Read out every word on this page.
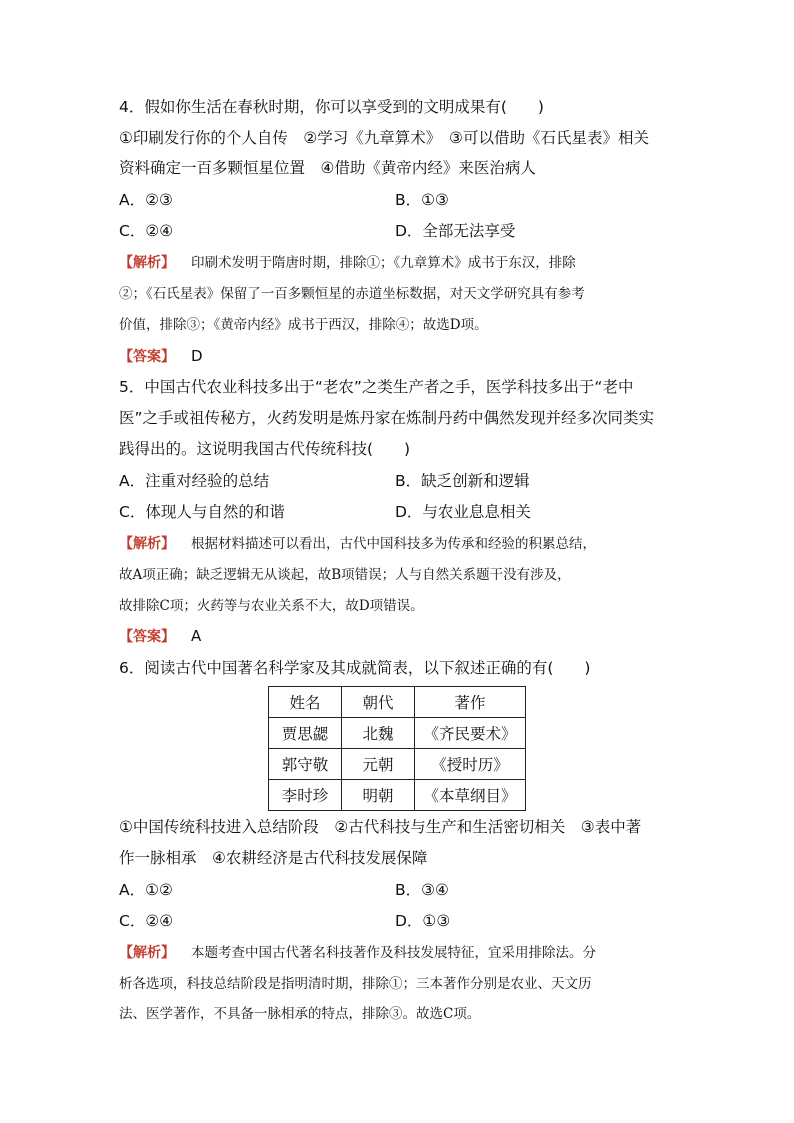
4．假如你生活在春秋时期，你可以享受到的文明成果有(　　)
①印刷发行你的个人自传　②学习《九章算术》　③可以借助《石氏星表》相关
资料确定一百多颗恒星位置　④借助《黄帝内经》来医治病人
A．②③	B．①③
C．②④	D．全部无法享受
【解析】 印刷术发明于隋唐时期，排除①；《九章算术》成书于东汉，排除
②；《石氏星表》保留了一百多颗恒星的赤道坐标数据，对天文学研究具有参考
价值，排除③；《黄帝内经》成书于西汉，排除④；故选D项。
【答案】 D
5．中国古代农业科技多出于“老农”之类生产者之手，医学科技多出于“老中
医”之手或祖传秘方，火药发明是炼丹家在炼制丹药中偶然发现并经多次同类实
践得出的。这说明我国古代传统科技(　　)
A．注重对经验的总结	B．缺乏创新和逻辑
C．体现人与自然的和谐	D．与农业息息相关
【解析】 根据材料描述可以看出，古代中国科技多为传承和经验的积累总结，
故A项正确；缺乏逻辑无从谈起，故B项错误；人与自然关系题干没有涉及，
故排除C项；火药等与农业关系不大，故D项错误。
【答案】 A
6．阅读古代中国著名科学家及其成就简表，以下叙述正确的有(　　)
姓名	朝代	著作
贾思勰	北魏	《齐民要术》
郭守敬	元朝	《授时历》
李时珍	明朝	《本草纲目》
①中国传统科技进入总结阶段　②古代科技与生产和生活密切相关　③表中著
作一脉相承　④农耕经济是古代科技发展保障
A．①②	B．③④
C．②④	D．①③
【解析】 本题考查中国古代著名科技著作及科技发展特征，宜采用排除法。分
析各选项，科技总结阶段是指明清时期，排除①；三本著作分别是农业、天文历
法、医学著作，不具备一脉相承的特点，排除③。故选C项。
